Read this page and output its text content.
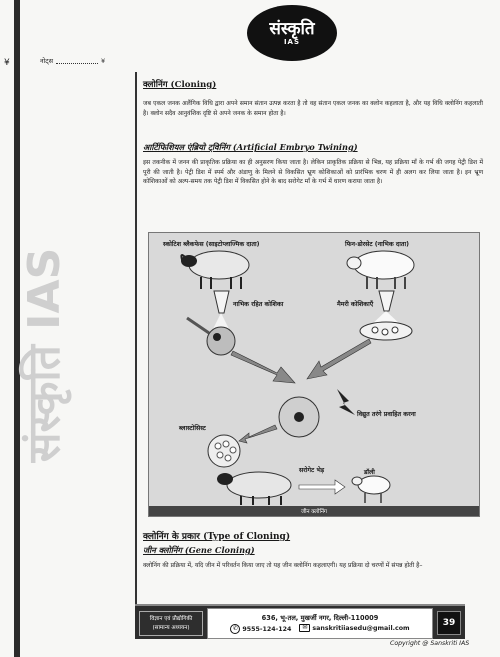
संस्कृति IAS
¥	नोट्स	¥
संस्कृति
IAS
क्लोनिंग (Cloning)

जब एकल जनक अलैंगिक विधि द्वारा अपने समान संतान उत्पन्न करता है तो वह संतान एकल जनक का क्लोन कहलाता है, और यह विधि क्लोनिंग कहलाती है। क्लोन सदैव आनुवंशिक दृष्टि से अपने जनक के समान होता है।

आर्टिफिशियल एंब्रियो ट्विनिंग (Artificial Embryo Twining)

इस तकनीक में जनन की प्राकृतिक प्रक्रिया का ही अनुसरण किया जाता है। लेकिन प्राकृतिक प्रक्रिया से भिन्न, यह प्रक्रिया माँ के गर्भ की जगह पेट्री डिश में पूरी की जाती है। पेट्री डिश में स्पर्म और अंडाणु के मिलने से विकसित भ्रूण कोशिकाओं को प्रारंभिक चरण में ही अलग कर लिया जाता है। इन भ्रूण कोशिकाओं को अल्प-समय तक पेट्री डिश में विकसित होने के बाद सरोगेट माँ के गर्भ में धारण कराया जाता है।

स्कोटिश ब्लैकफेस (साइटोप्लाज्मिक दाता)	फिन-डोरसेट (नाभिक दाता)
नाभिक रहित कोशिका	मैमरी कोशिकाएँ
विद्युत तरंगे प्रवाहित करना
ब्लास्टोसिस्ट
सरोगेट भेड़	डॉली
जीन क्लोनिंग
क्लोनिंग के प्रकार (Type of Cloning)
जीन क्लोनिंग (Gene Cloning)

क्लोनिंग की प्रक्रिया में, यदि जीन में परिवर्तन किया जाए तो यह जीन क्लोनिंग कहलाएगी। यह प्रक्रिया दो चरणों में संपन्न होती है–

विज्ञान एवं प्रौद्योगिकी
(सामान्य अध्ययन)
636, भू-तल, मुखर्जी नगर, दिल्ली-110009
✆ 9555-124-124	✉ sanskritiiasedu@gmail.com
39
Copyright @ Sanskriti IAS
